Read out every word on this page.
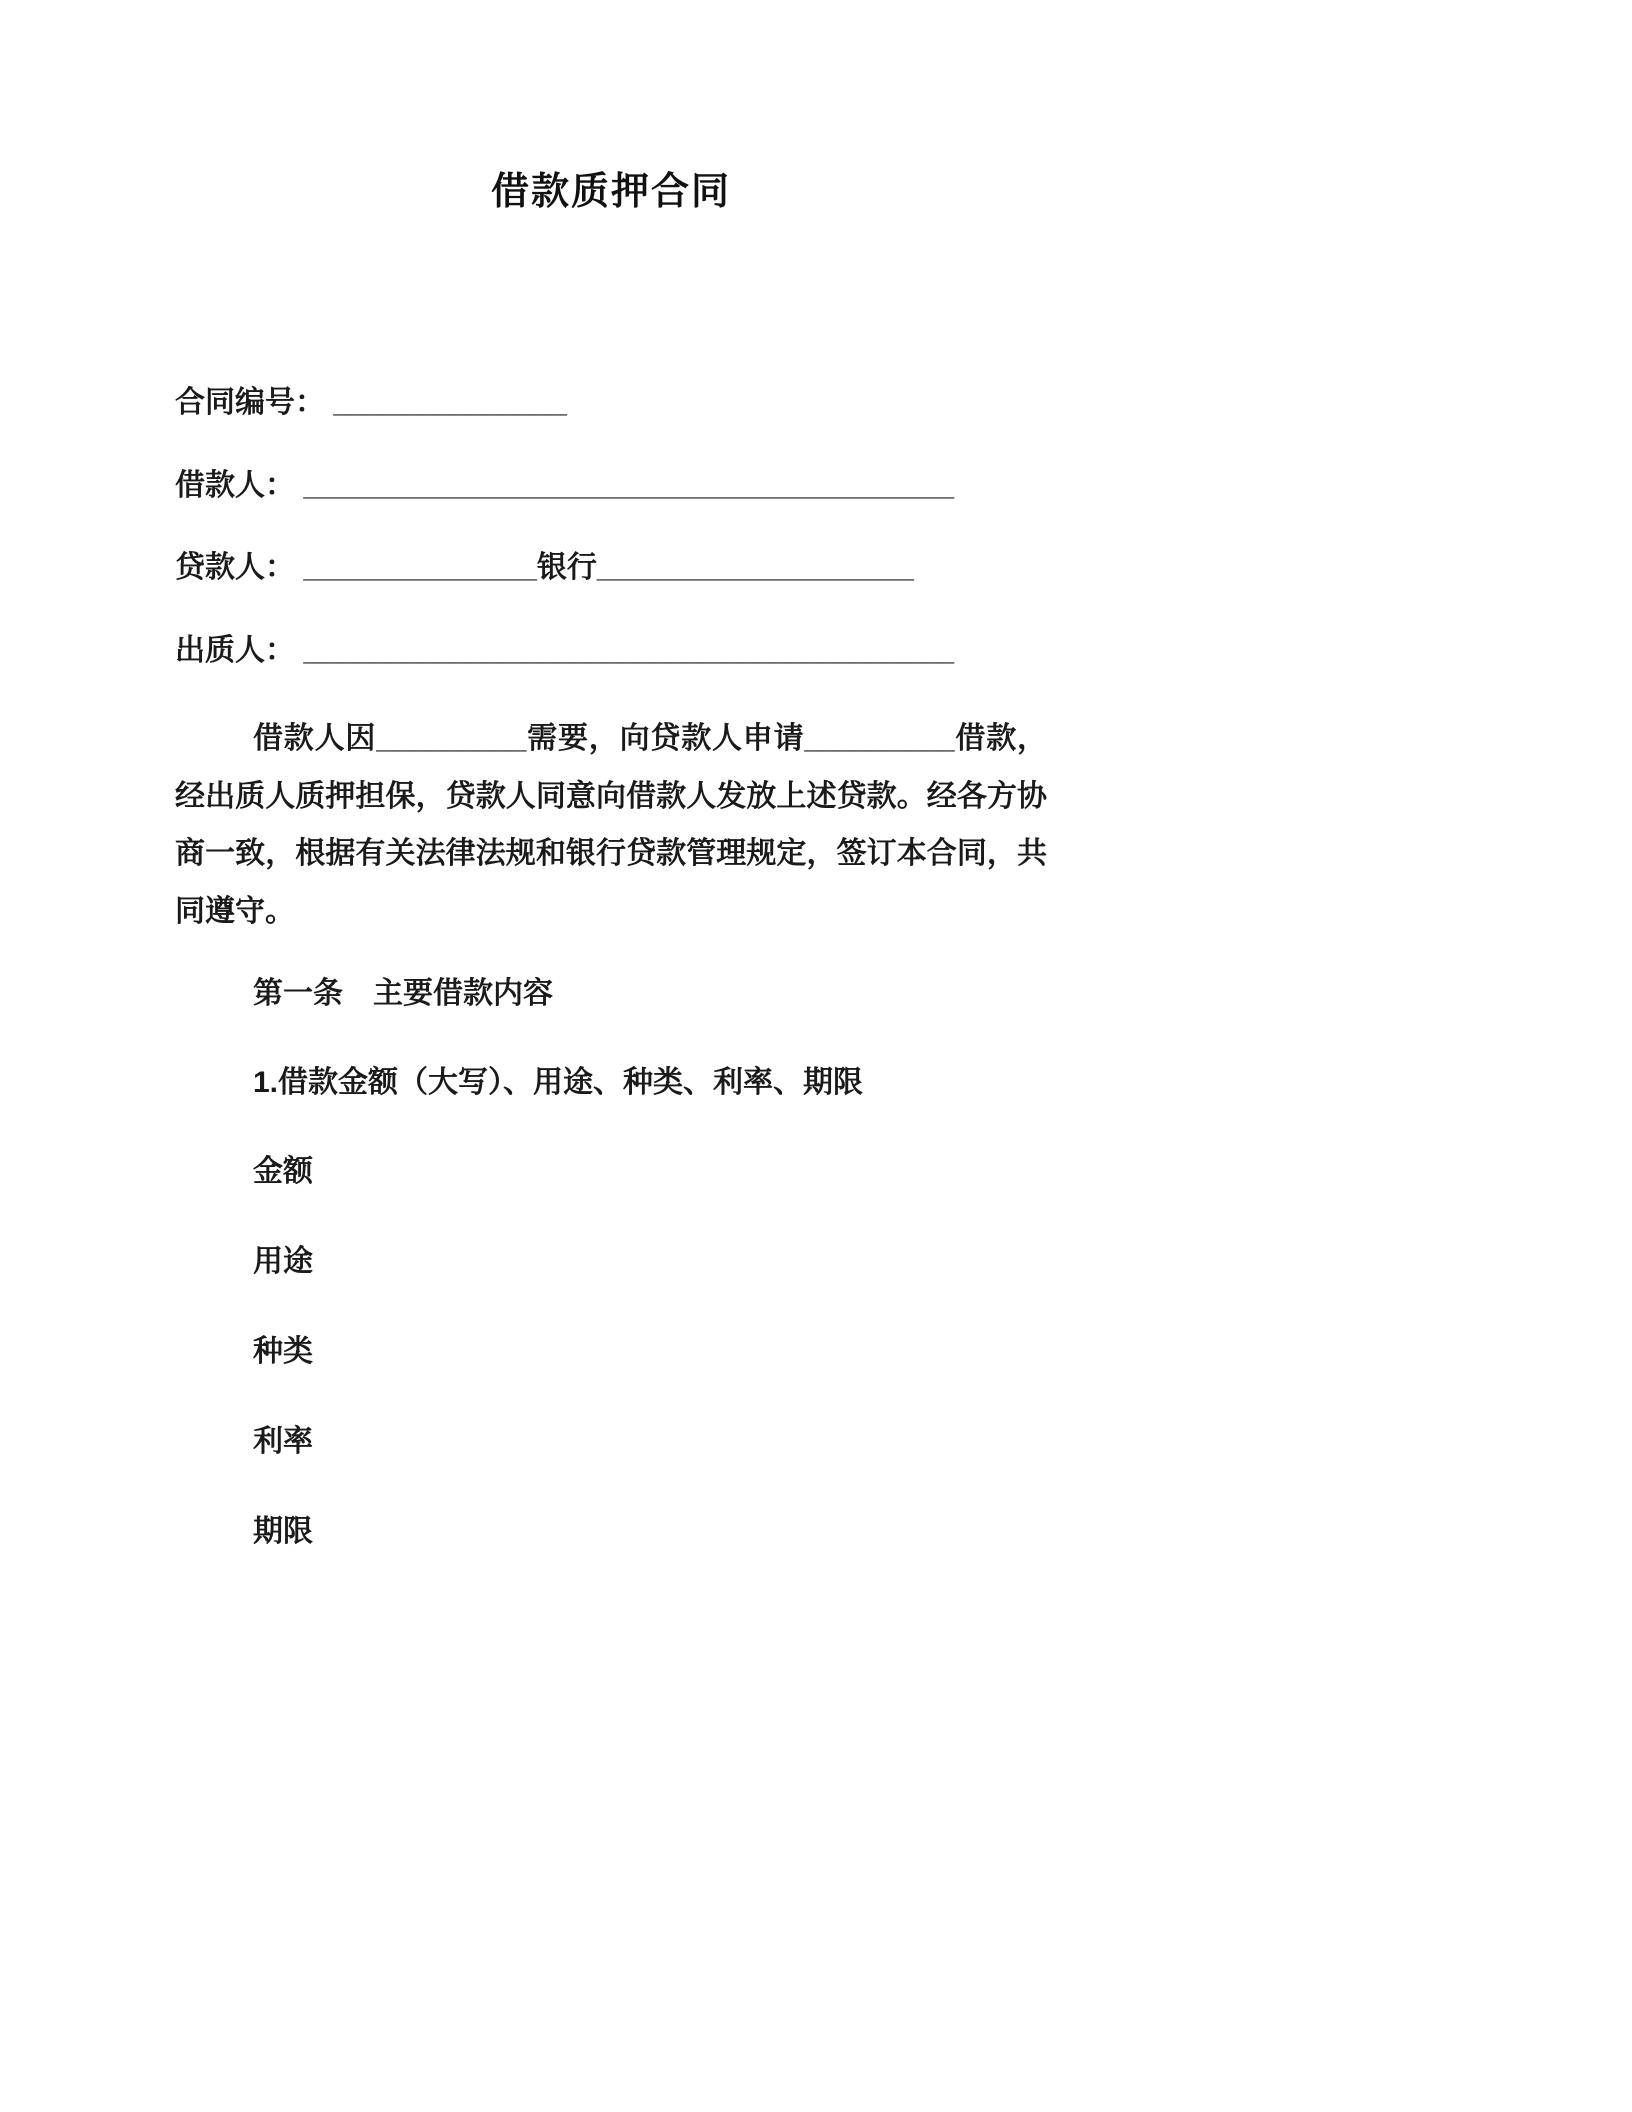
借款质押合同

合同编号： ______________

借款人： _______________________________________

贷款人： ______________银行___________________

出质人： _______________________________________

借款人因_________需要，向贷款人申请_________借款，经出质人质押担保，贷款人同意向借款人发放上述贷款。经各方协商一致，根据有关法律法规和银行贷款管理规定，签订本合同，共同遵守。

第一条　主要借款内容

1.借款金额（大写）、用途、种类、利率、期限

金额

用途

种类

利率

期限
